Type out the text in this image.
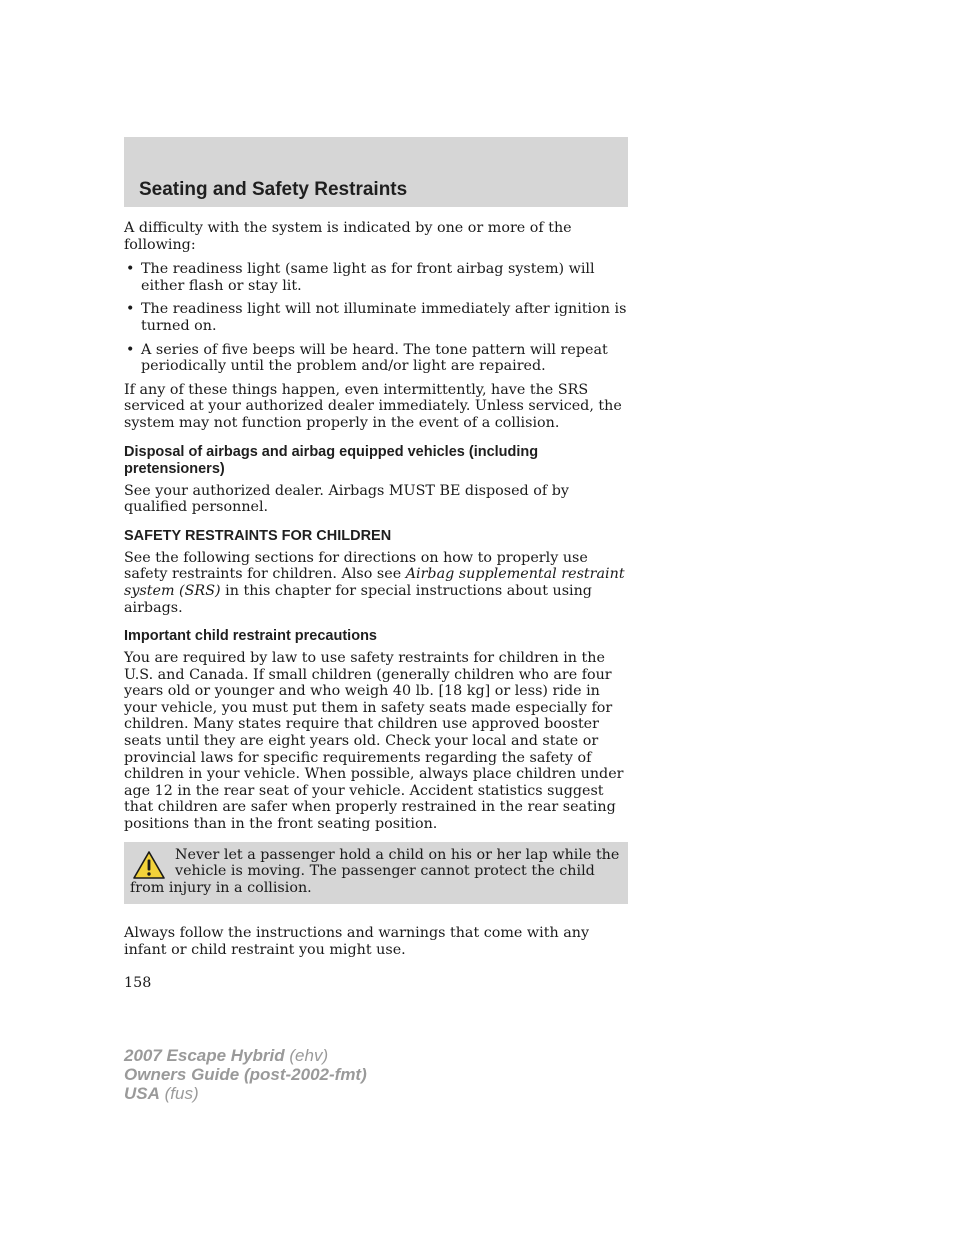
Seating and Safety Restraints

A difficulty with the system is indicated by one or more of the following:

• The readiness light (same light as for front airbag system) will either flash or stay lit.
• The readiness light will not illuminate immediately after ignition is turned on.
• A series of five beeps will be heard. The tone pattern will repeat periodically until the problem and/or light are repaired.

If any of these things happen, even intermittently, have the SRS serviced at your authorized dealer immediately. Unless serviced, the system may not function properly in the event of a collision.

Disposal of airbags and airbag equipped vehicles (including pretensioners)

See your authorized dealer. Airbags MUST BE disposed of by qualified personnel.

SAFETY RESTRAINTS FOR CHILDREN

See the following sections for directions on how to properly use safety restraints for children. Also see Airbag supplemental restraint system (SRS) in this chapter for special instructions about using airbags.

Important child restraint precautions

You are required by law to use safety restraints for children in the U.S. and Canada. If small children (generally children who are four years old or younger and who weigh 40 lb. [18 kg] or less) ride in your vehicle, you must put them in safety seats made especially for children. Many states require that children use approved booster seats until they are eight years old. Check your local and state or provincial laws for specific requirements regarding the safety of children in your vehicle. When possible, always place children under age 12 in the rear seat of your vehicle. Accident statistics suggest that children are safer when properly restrained in the rear seating positions than in the front seating position.

Never let a passenger hold a child on his or her lap while the vehicle is moving. The passenger cannot protect the child from injury in a collision.

Always follow the instructions and warnings that come with any infant or child restraint you might use.

158

2007 Escape Hybrid (ehv)
Owners Guide (post-2002-fmt)
USA (fus)
